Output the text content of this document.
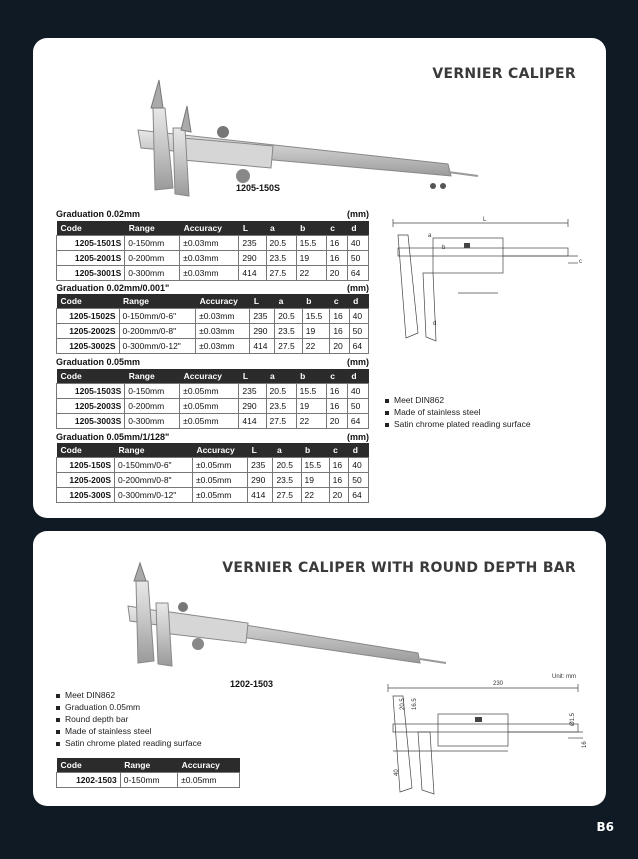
VERNIER CALIPER
1205-150S
Graduation 0.02mm	(mm)
Code	Range	Accuracy	L	a	b	c	d
1205-1501S	0-150mm	±0.03mm	235	20.5	15.5	16	40
1205-2001S	0-200mm	±0.03mm	290	23.5	19	16	50
1205-3001S	0-300mm	±0.03mm	414	27.5	22	20	64
Graduation 0.02mm/0.001"	(mm)
Code	Range	Accuracy	L	a	b	c	d
1205-1502S	0-150mm/0-6"	±0.03mm	235	20.5	15.5	16	40
1205-2002S	0-200mm/0-8"	±0.03mm	290	23.5	19	16	50
1205-3002S	0-300mm/0-12"	±0.03mm	414	27.5	22	20	64
Graduation 0.05mm	(mm)
Code	Range	Accuracy	L	a	b	c	d
1205-1503S	0-150mm	±0.05mm	235	20.5	15.5	16	40
1205-2003S	0-200mm	±0.05mm	290	23.5	19	16	50
1205-3003S	0-300mm	±0.05mm	414	27.5	22	20	64
Graduation 0.05mm/1/128"	(mm)
Code	Range	Accuracy	L	a	b	c	d
1205-150S	0-150mm/0-6"	±0.05mm	235	20.5	15.5	16	40
1205-200S	0-200mm/0-8"	±0.05mm	290	23.5	19	16	50
1205-300S	0-300mm/0-12"	±0.05mm	414	27.5	22	20	64
L
a
b
c
d
Meet DIN862
Made of stainless steel
Satin chrome plated reading surface
VERNIER CALIPER WITH ROUND DEPTH BAR
1202-1503
Meet DIN862
Graduation 0.05mm
Round depth bar
Made of stainless steel
Satin chrome plated reading surface
Code	Range	Accuracy
1202-1503	0-150mm	±0.05mm
Unit: mm
230
20.5 16.5
40
Ø1.5
16
B6
